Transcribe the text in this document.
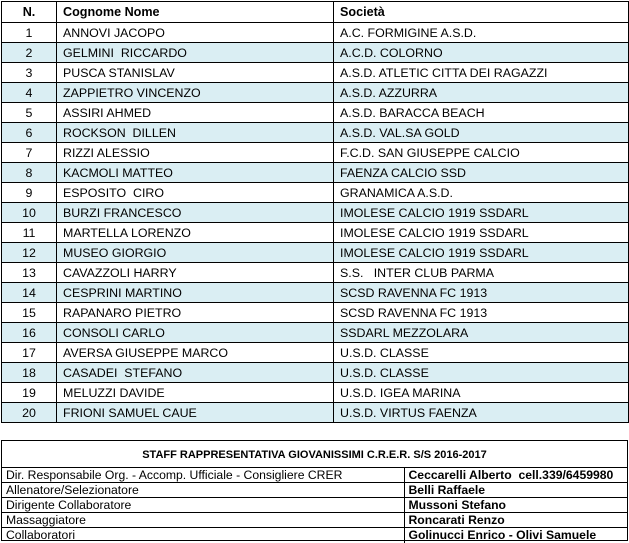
N.	Cognome Nome	Società
1	ANNOVI JACOPO	A.C. FORMIGINE A.S.D.
2	GELMINI  RICCARDO	A.C.D. COLORNO
3	PUSCA STANISLAV	A.S.D. ATLETIC CITTA DEI RAGAZZI
4	ZAPPIETRO VINCENZO	A.S.D. AZZURRA
5	ASSIRI AHMED	A.S.D. BARACCA BEACH
6	ROCKSON  DILLEN	A.S.D. VAL.SA GOLD
7	RIZZI ALESSIO	F.C.D. SAN GIUSEPPE CALCIO
8	KACMOLI MATTEO	FAENZA CALCIO SSD
9	ESPOSITO  CIRO	GRANAMICA A.S.D.
10	BURZI FRANCESCO	IMOLESE CALCIO 1919 SSDARL
11	MARTELLA LORENZO	IMOLESE CALCIO 1919 SSDARL
12	MUSEO GIORGIO	IMOLESE CALCIO 1919 SSDARL
13	CAVAZZOLI HARRY	S.S.   INTER CLUB PARMA
14	CESPRINI MARTINO	SCSD RAVENNA FC 1913
15	RAPANARO PIETRO	SCSD RAVENNA FC 1913
16	CONSOLI CARLO	SSDARL MEZZOLARA
17	AVERSA GIUSEPPE MARCO	U.S.D. CLASSE
18	CASADEI  STEFANO	U.S.D. CLASSE
19	MELUZZI DAVIDE	U.S.D. IGEA MARINA
20	FRIONI SAMUEL CAUE	U.S.D. VIRTUS FAENZA
STAFF RAPPRESENTATIVA GIOVANISSIMI C.R.E.R. S/S 2016-2017
Dir. Responsabile Org. - Accomp. Ufficiale - Consigliere CRER	Ceccarelli Alberto  cell.339/6459980
Allenatore/Selezionatore	Belli Raffaele
Dirigente Collaboratore	Mussoni Stefano
Massaggiatore	Roncarati Renzo
Collaboratori	Golinucci Enrico - Olivi Samuele
